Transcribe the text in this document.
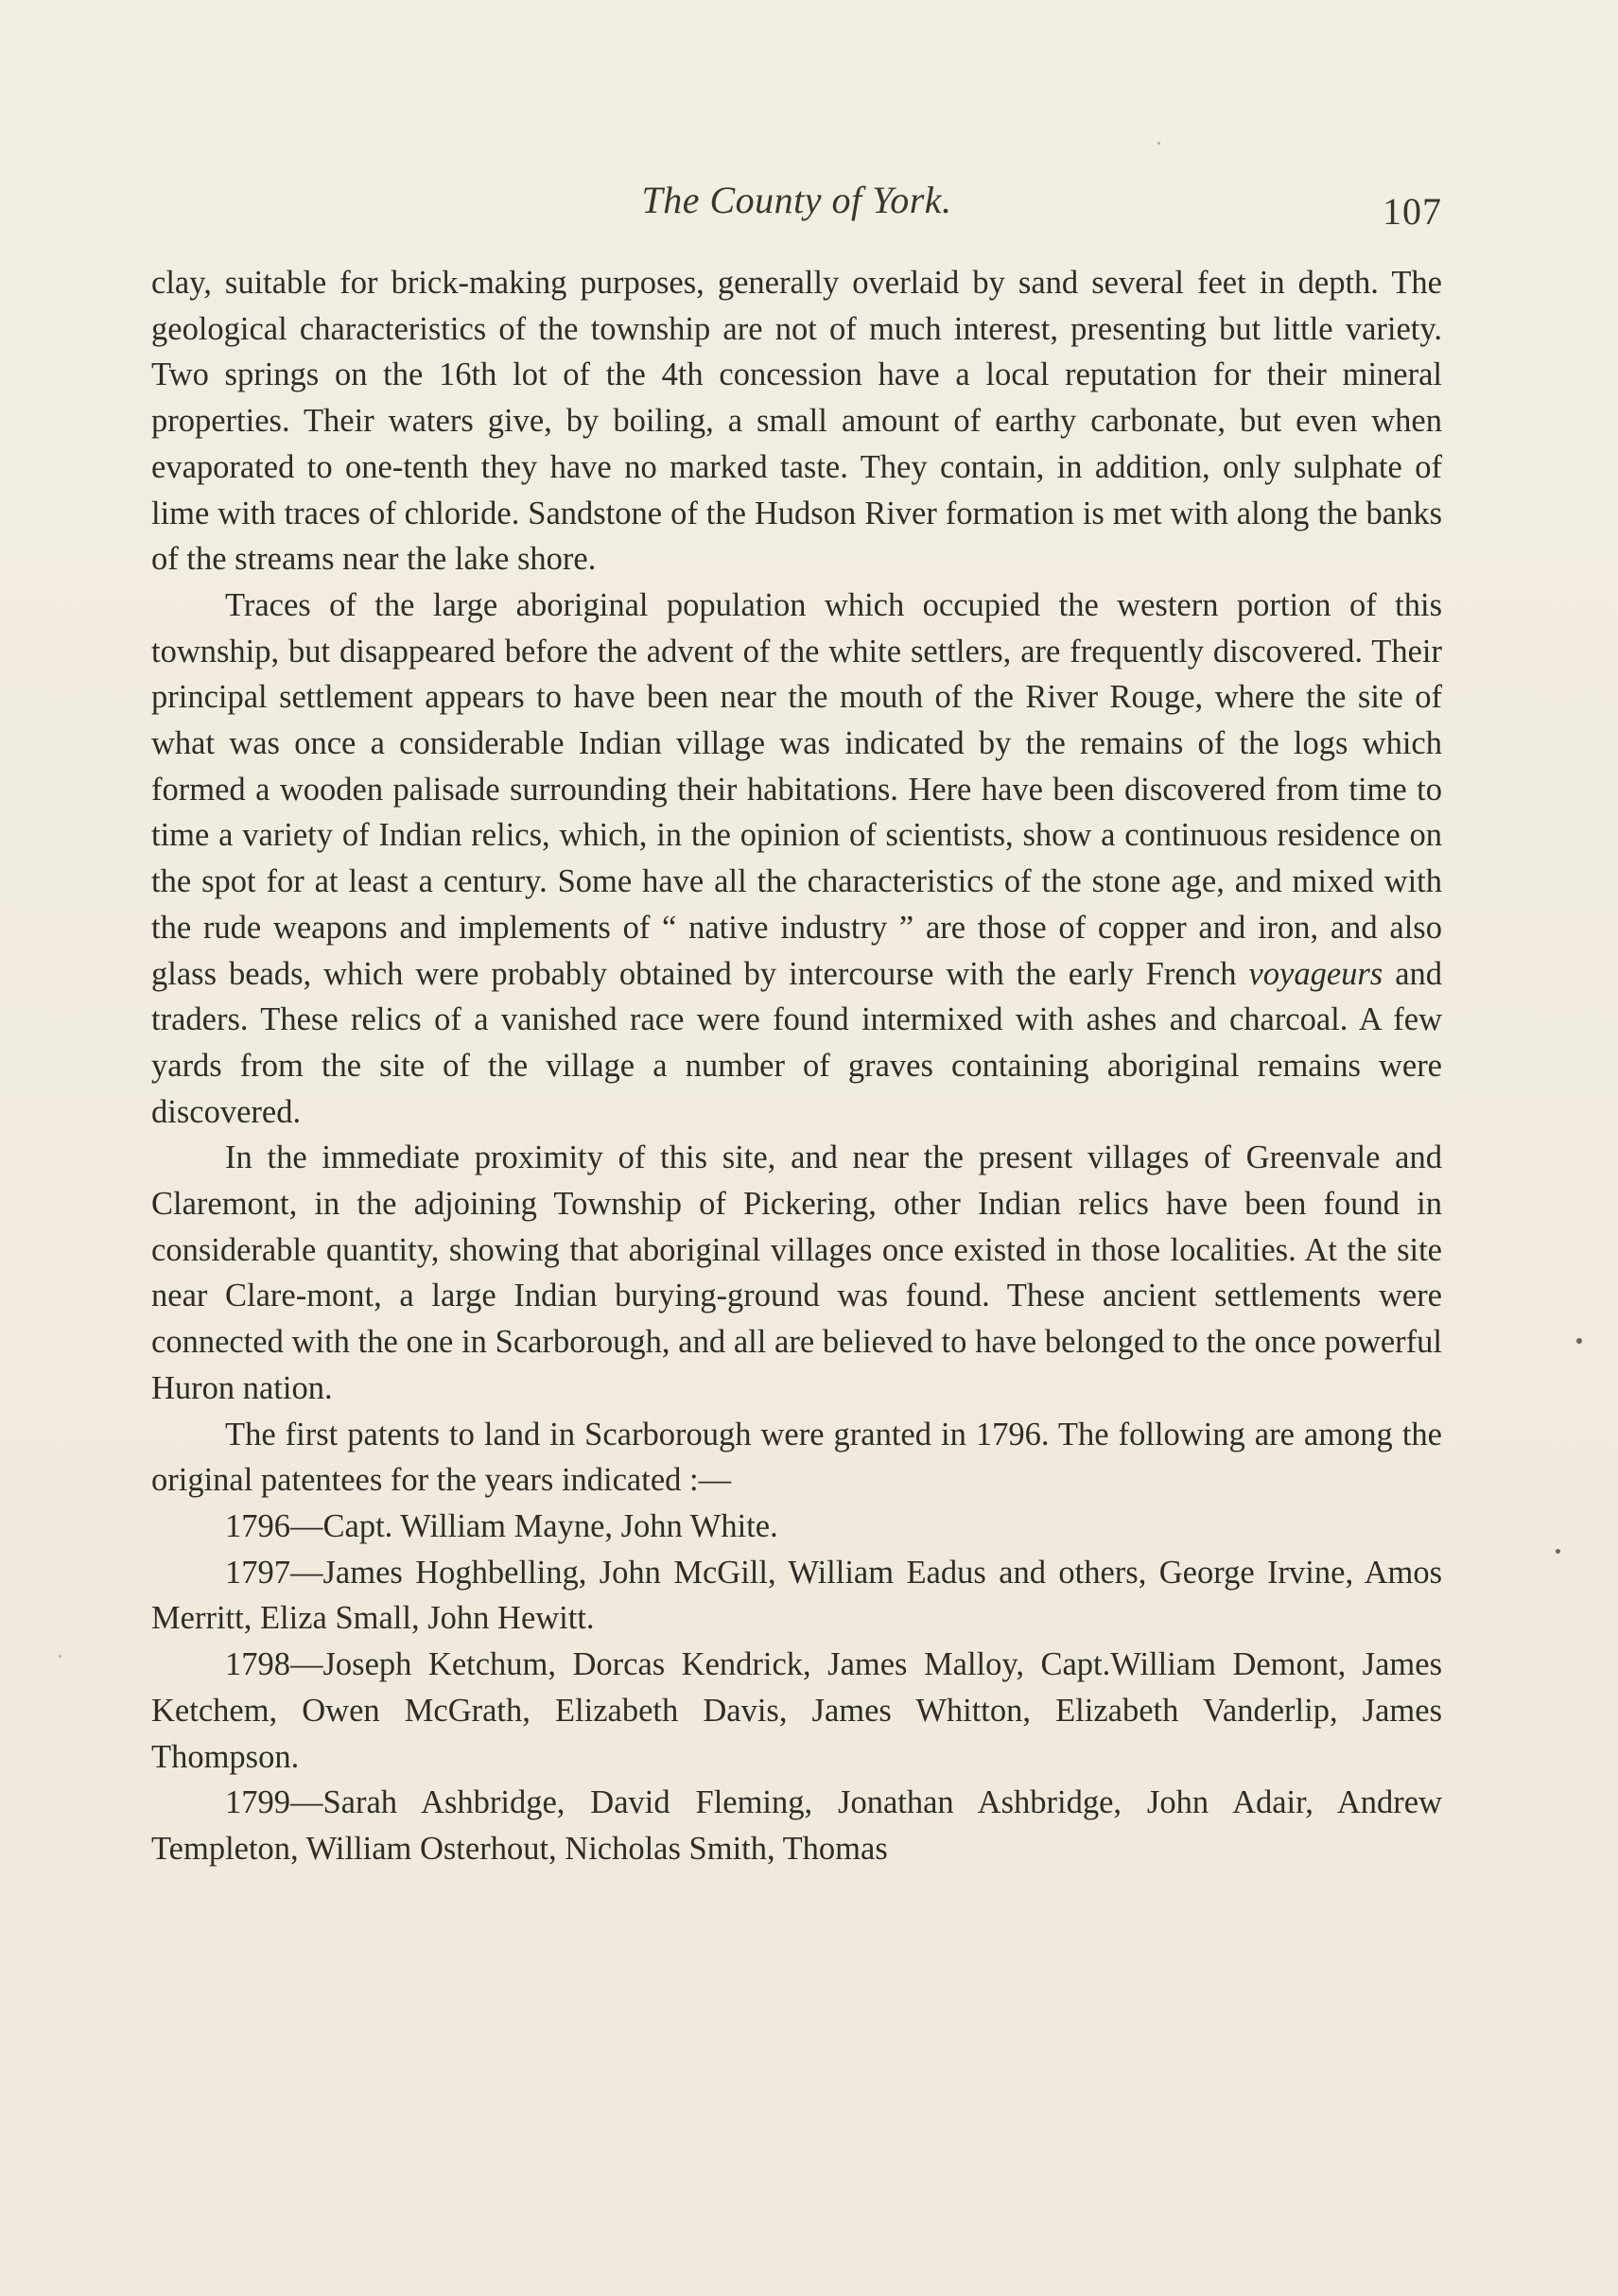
The County of York.	107

clay, suitable for brick-making purposes, generally overlaid by sand several feet in depth. The geological characteristics of the township are not of much interest, presenting but little variety. Two springs on the 16th lot of the 4th concession have a local reputation for their mineral properties. Their waters give, by boiling, a small amount of earthy carbonate, but even when evaporated to one-tenth they have no marked taste. They contain, in addition, only sulphate of lime with traces of chloride. Sandstone of the Hudson River formation is met with along the banks of the streams near the lake shore.

Traces of the large aboriginal population which occupied the western portion of this township, but disappeared before the advent of the white settlers, are frequently discovered. Their principal settlement appears to have been near the mouth of the River Rouge, where the site of what was once a considerable Indian village was indicated by the remains of the logs which formed a wooden palisade surrounding their habitations. Here have been discovered from time to time a variety of Indian relics, which, in the opinion of scientists, show a continuous residence on the spot for at least a century. Some have all the characteristics of the stone age, and mixed with the rude weapons and implements of “ native industry ” are those of copper and iron, and also glass beads, which were probably obtained by intercourse with the early French voyageurs and traders. These relics of a vanished race were found intermixed with ashes and charcoal. A few yards from the site of the village a number of graves containing aboriginal remains were discovered.

In the immediate proximity of this site, and near the present villages of Greenvale and Claremont, in the adjoining Township of Pickering, other Indian relics have been found in considerable quantity, showing that aboriginal villages once existed in those localities. At the site near Clare-mont, a large Indian burying-ground was found. These ancient settlements were connected with the one in Scarborough, and all are believed to have belonged to the once powerful Huron nation.

The first patents to land in Scarborough were granted in 1796. The following are among the original patentees for the years indicated :—

1796—Capt. William Mayne, John White.

1797—James Hoghbelling, John McGill, William Eadus and others, George Irvine, Amos Merritt, Eliza Small, John Hewitt.

1798—Joseph Ketchum, Dorcas Kendrick, James Malloy, Capt.William Demont, James Ketchem, Owen McGrath, Elizabeth Davis, James Whitton, Elizabeth Vanderlip, James Thompson.

1799—Sarah Ashbridge, David Fleming, Jonathan Ashbridge, John Adair, Andrew Templeton, William Osterhout, Nicholas Smith, Thomas
